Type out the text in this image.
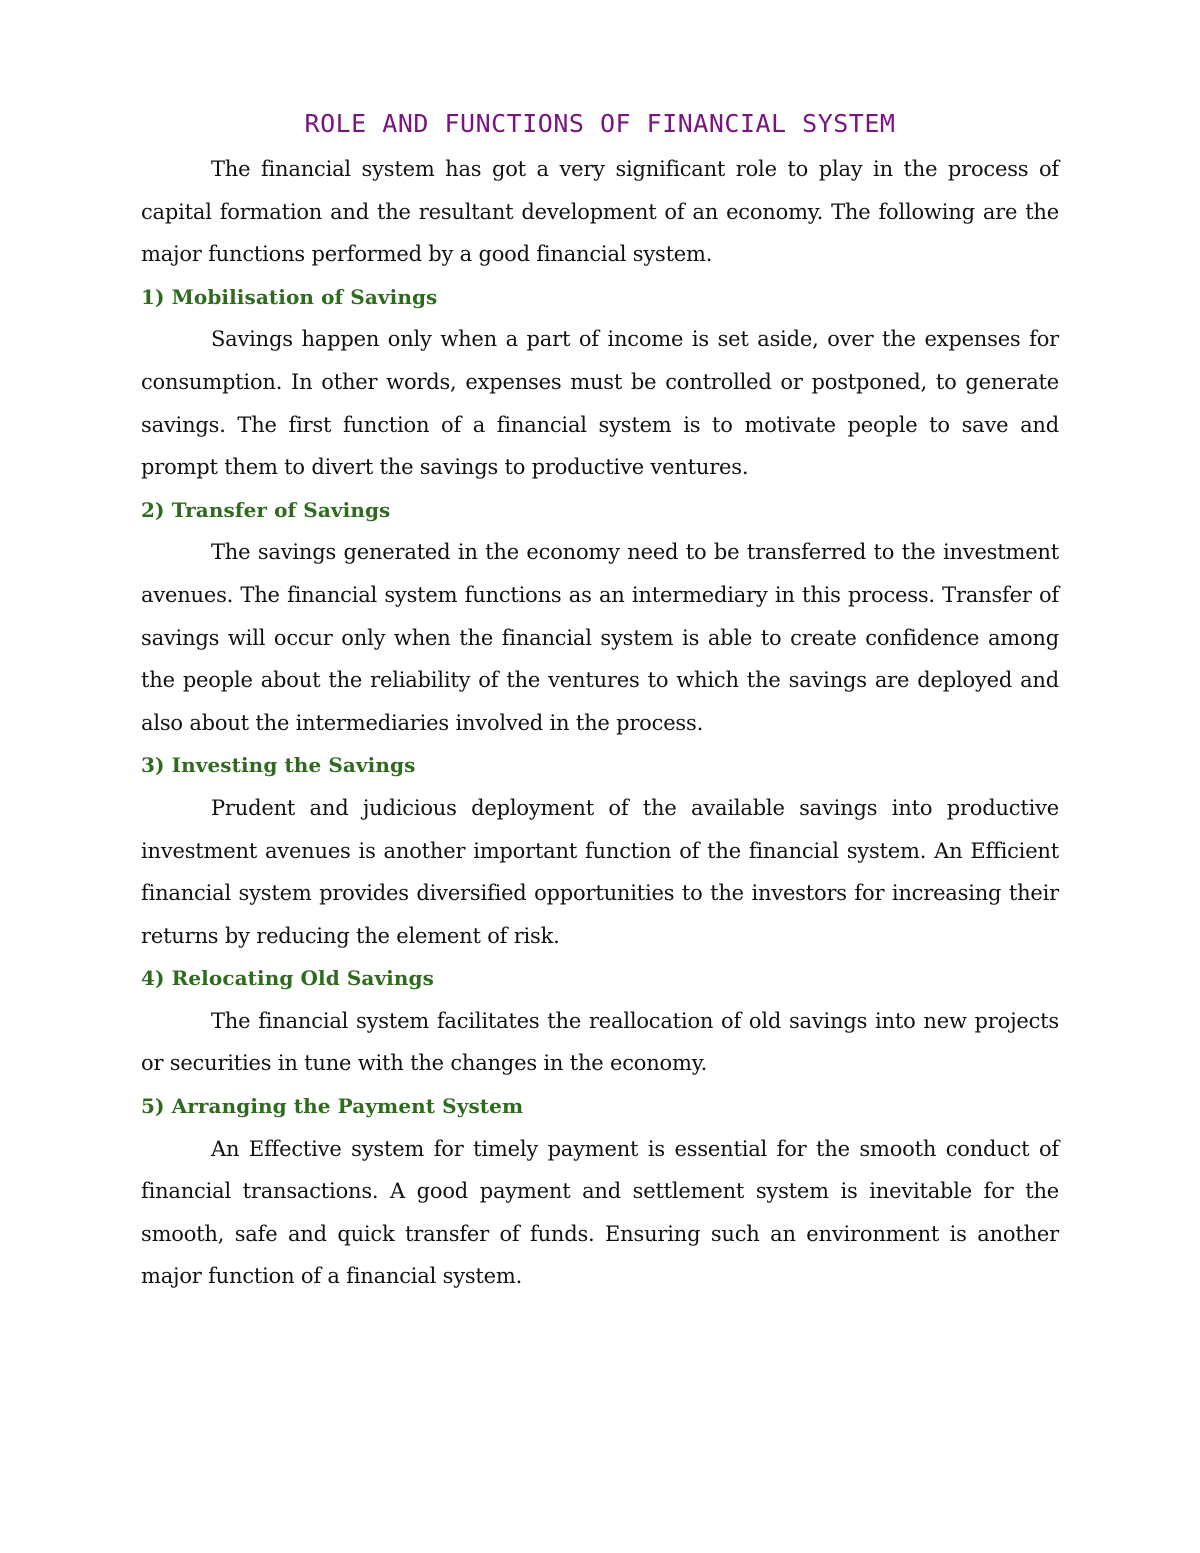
ROLE AND FUNCTIONS OF FINANCIAL SYSTEM

The financial system has got a very significant role to play in the process of capital formation and the resultant development of an economy. The following are the major functions performed by a good financial system.

1) Mobilisation of Savings

Savings happen only when a part of income is set aside, over the expenses for consumption. In other words, expenses must be controlled or postponed, to generate savings. The first function of a financial system is to motivate people to save and prompt them to divert the savings to productive ventures.

2) Transfer of Savings

The savings generated in the economy need to be transferred to the investment avenues. The financial system functions as an intermediary in this process. Transfer of savings will occur only when the financial system is able to create confidence among the people about the reliability of the ventures to which the savings are deployed and also about the intermediaries involved in the process.

3) Investing the Savings

Prudent and judicious deployment of the available savings into productive investment avenues is another important function of the financial system. An Efficient financial system provides diversified opportunities to the investors for increasing their returns by reducing the element of risk.

4) Relocating Old Savings

The financial system facilitates the reallocation of old savings into new projects or securities in tune with the changes in the economy.

5) Arranging the Payment System

An Effective system for timely payment is essential for the smooth conduct of financial transactions. A good payment and settlement system is inevitable for the smooth, safe and quick transfer of funds. Ensuring such an environment is another major function of a financial system.
